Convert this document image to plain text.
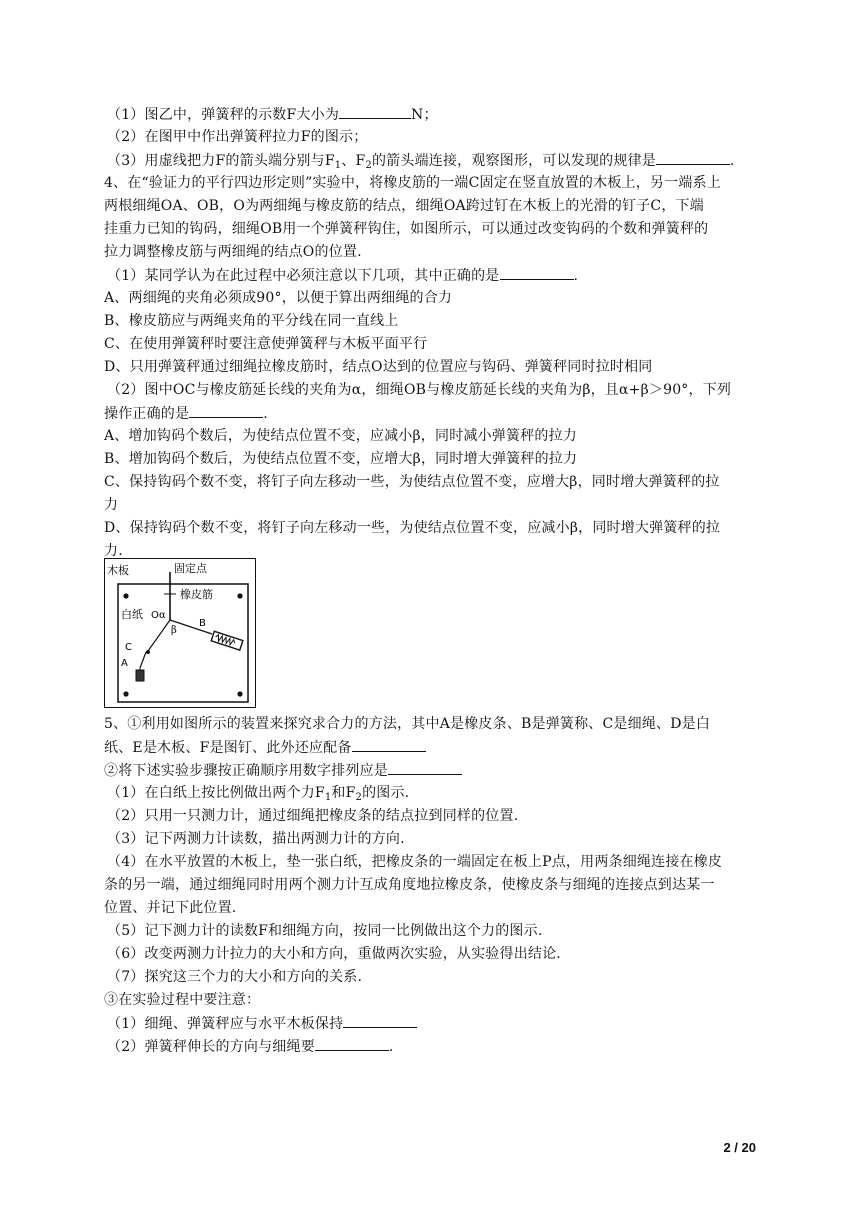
（1）图乙中，弹簧秤的示数F大小为	N；
（2）在图甲中作出弹簧秤拉力F的图示；
（3）用虚线把力F的箭头端分别与$F_1$、$F_2$的箭头端连接，观察图形，可以发现的规律是	.
4、在“验证力的平行四边形定则”实验中，将橡皮筋的一端C固定在竖直放置的木板上，另一端系上
两根细绳OA、OB，O为两细绳与橡皮筋的结点，细绳OA跨过钉在木板上的光滑的钉子C，下端
挂重力已知的钩码，细绳OB用一个弹簧秤钩住，如图所示，可以通过改变钩码的个数和弹簧秤的
拉力调整橡皮筋与两细绳的结点O的位置.
（1）某同学认为在此过程中必须注意以下几项，其中正确的是	.
A、两细绳的夹角必须成90°，以便于算出两细绳的合力
B、橡皮筋应与两绳夹角的平分线在同一直线上
C、在使用弹簧秤时要注意使弹簧秤与木板平面平行
D、只用弹簧秤通过细绳拉橡皮筋时，结点O达到的位置应与钩码、弹簧秤同时拉时相同
（2）图中OC与橡皮筋延长线的夹角为α，细绳OB与橡皮筋延长线的夹角为β，且α+β＞90°，下列
操作正确的是	.
A、增加钩码个数后，为使结点位置不变，应减小β，同时减小弹簧秤的拉力
B、增加钩码个数后，为使结点位置不变，应增大β，同时增大弹簧秤的拉力
C、保持钩码个数不变，将钉子向左移动一些，为使结点位置不变，应增大β，同时增大弹簧秤的拉
力
D、保持钩码个数不变，将钉子向左移动一些，为使结点位置不变，应减小β，同时增大弹簧秤的拉
力.
木板	固定点
橡皮筋
白纸 O α
β
B
C
A
5、①利用如图所示的装置来探究求合力的方法，其中A是橡皮条、B是弹簧称、C是细绳、D是白
纸、E是木板、F是图钉、此外还应配备
②将下述实验步骤按正确顺序用数字排列应是
（1）在白纸上按比例做出两个力$F_1$和$F_2$的图示.
（2）只用一只测力计，通过细绳把橡皮条的结点拉到同样的位置.
（3）记下两测力计读数，描出两测力计的方向.
（4）在水平放置的木板上，垫一张白纸，把橡皮条的一端固定在板上P点，用两条细绳连接在橡皮
条的另一端，通过细绳同时用两个测力计互成角度地拉橡皮条，使橡皮条与细绳的连接点到达某一
位置、并记下此位置.
（5）记下测力计的读数F和细绳方向，按同一比例做出这个力的图示.
（6）改变两测力计拉力的大小和方向，重做两次实验，从实验得出结论.
（7）探究这三个力的大小和方向的关系.
③在实验过程中要注意：
（1）细绳、弹簧秤应与水平木板保持
（2）弹簧秤伸长的方向与细绳要	.
2 / 20
